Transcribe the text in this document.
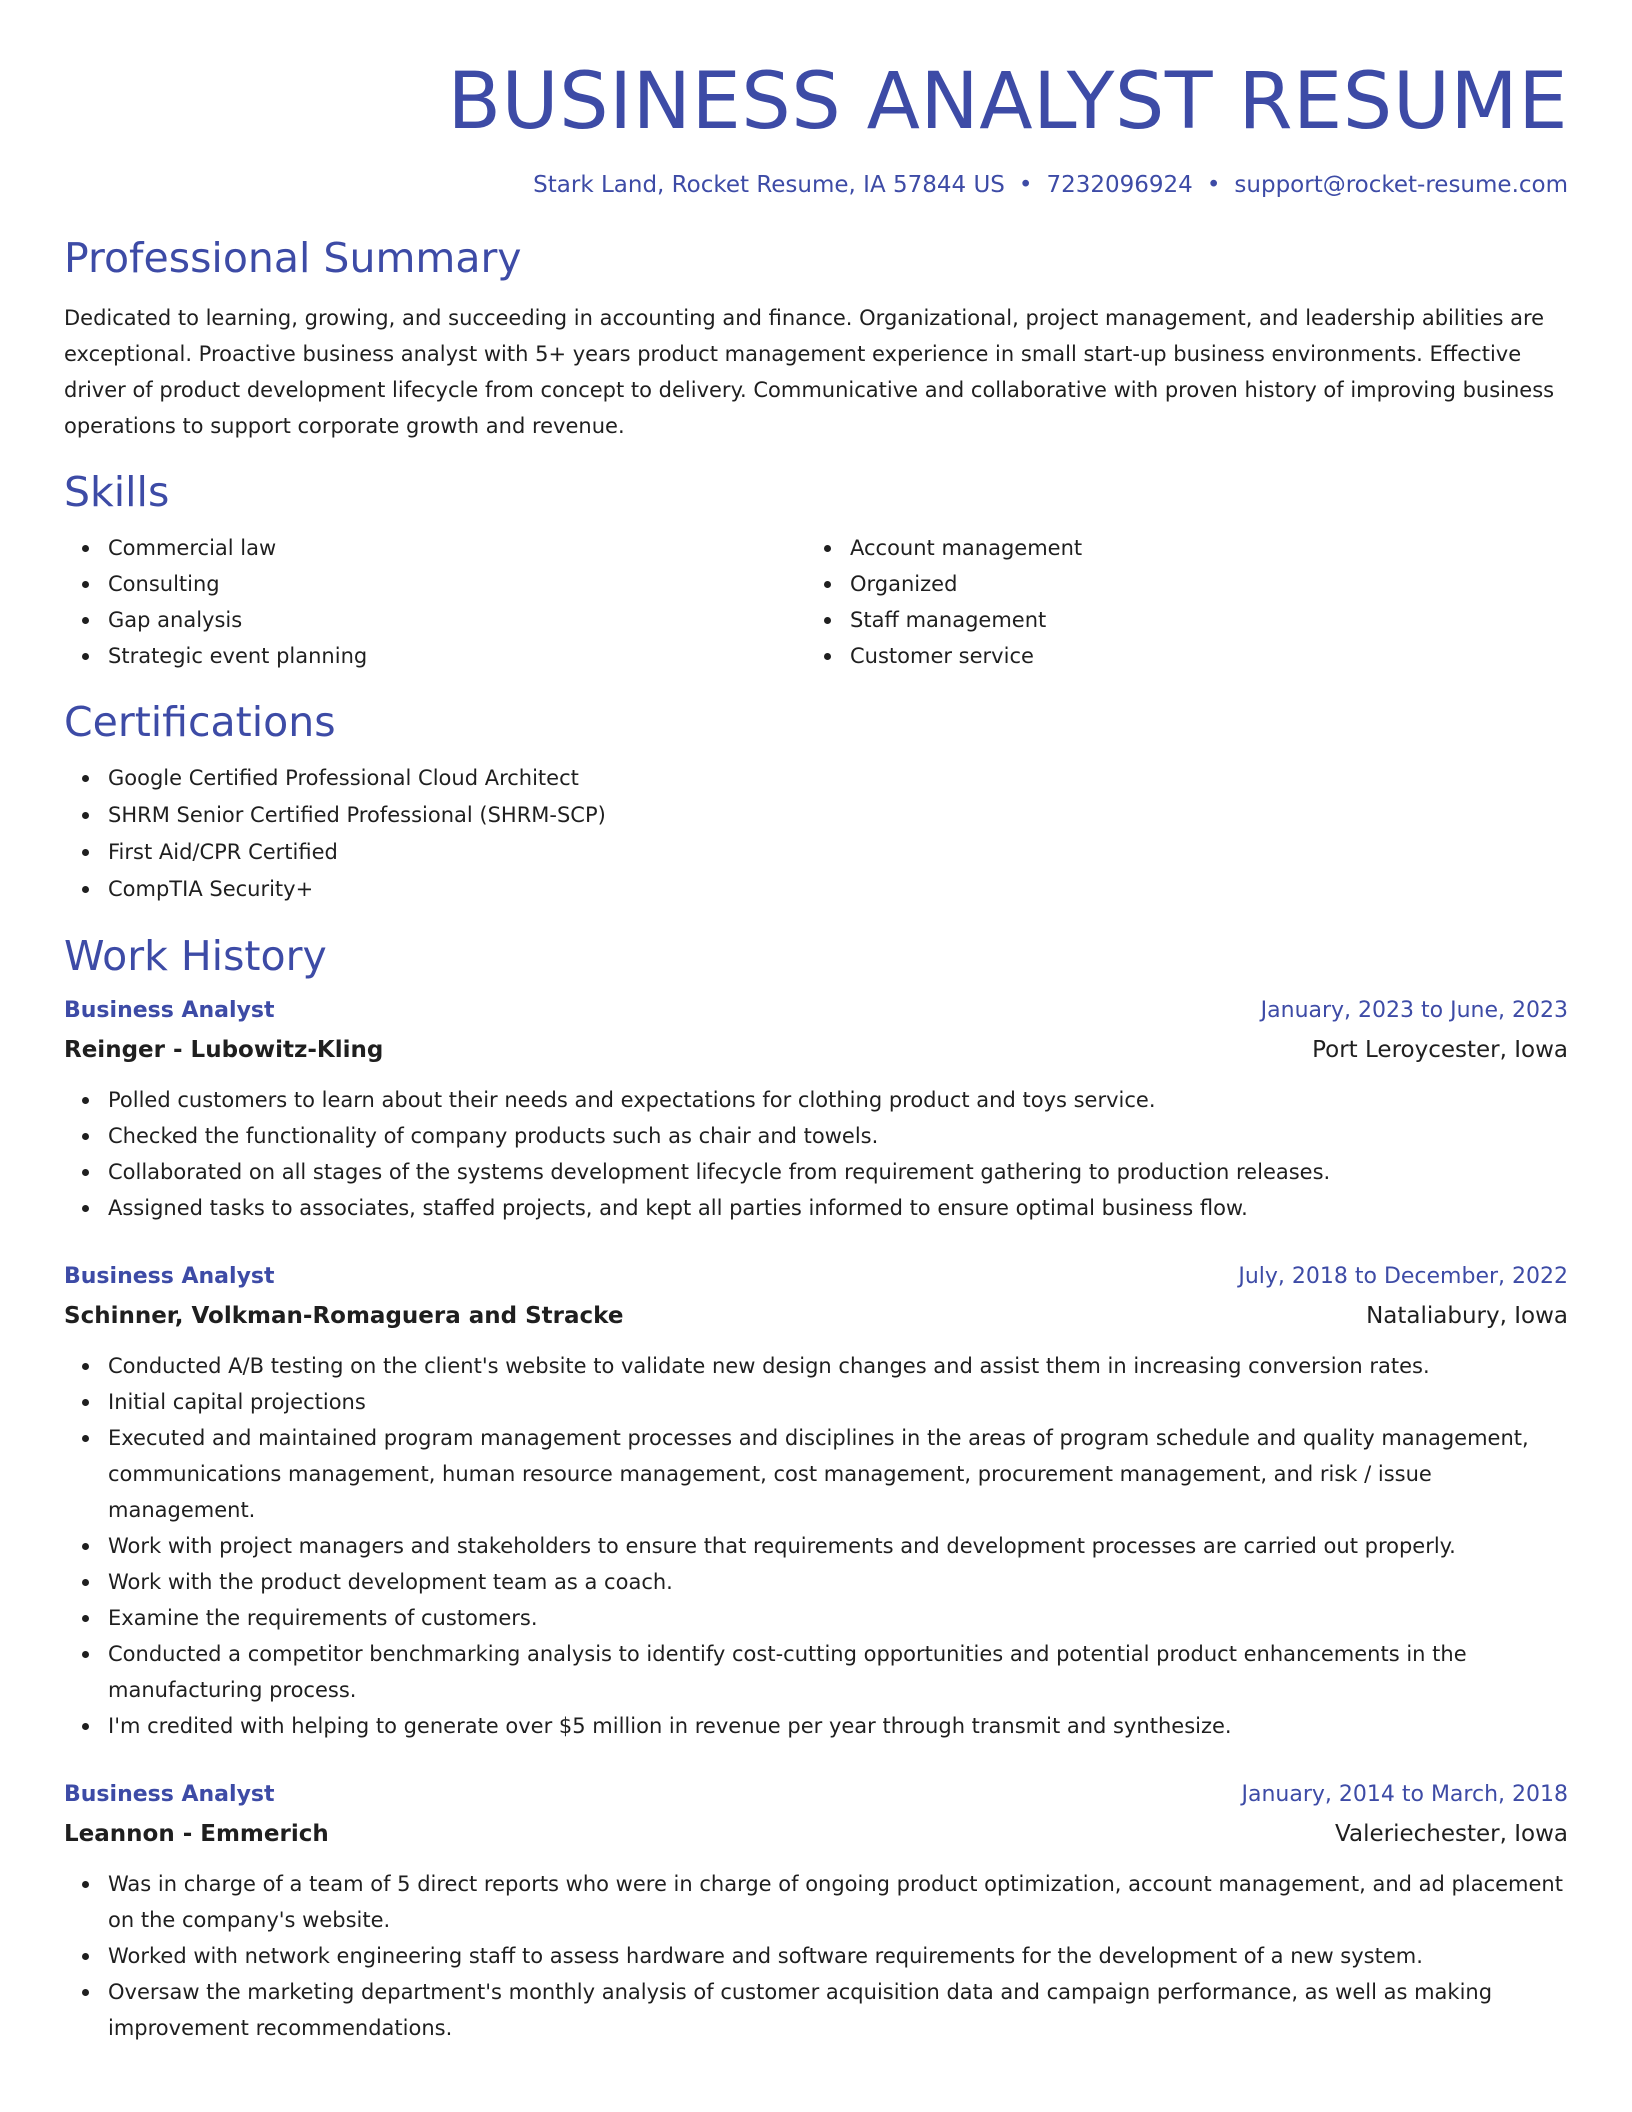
BUSINESS ANALYST RESUME
Stark Land, Rocket Resume, IA 57844 US • 7232096924 • support@rocket-resume.com
Professional Summary

Dedicated to learning, growing, and succeeding in accounting and finance. Organizational, project management, and leadership abilities are exceptional. Proactive business analyst with 5+ years product management experience in small start-up business environments. Effective driver of product development lifecycle from concept to delivery. Communicative and collaborative with proven history of improving business operations to support corporate growth and revenue.

Skills
Commercial law
Consulting
Gap analysis
Strategic event planning
Account management
Organized
Staff management
Customer service
Certifications
Google Certified Professional Cloud Architect
SHRM Senior Certified Professional (SHRM-SCP)
First Aid/CPR Certified
CompTIA Security+
Work History
Business Analyst	January, 2023 to June, 2023
Reinger - Lubowitz-Kling	Port Leroycester, Iowa
Polled customers to learn about their needs and expectations for clothing product and toys service.
Checked the functionality of company products such as chair and towels.
Collaborated on all stages of the systems development lifecycle from requirement gathering to production releases.
Assigned tasks to associates, staffed projects, and kept all parties informed to ensure optimal business flow.
Business Analyst	July, 2018 to December, 2022
Schinner, Volkman-Romaguera and Stracke	Nataliabury, Iowa
Conducted A/B testing on the client's website to validate new design changes and assist them in increasing conversion rates.
Initial capital projections
Executed and maintained program management processes and disciplines in the areas of program schedule and quality management, communications management, human resource management, cost management, procurement management, and risk / issue management.
Work with project managers and stakeholders to ensure that requirements and development processes are carried out properly.
Work with the product development team as a coach.
Examine the requirements of customers.
Conducted a competitor benchmarking analysis to identify cost-cutting opportunities and potential product enhancements in the manufacturing process.
I'm credited with helping to generate over $5 million in revenue per year through transmit and synthesize.
Business Analyst	January, 2014 to March, 2018
Leannon - Emmerich	Valeriechester, Iowa
Was in charge of a team of 5 direct reports who were in charge of ongoing product optimization, account management, and ad placement on the company's website.
Worked with network engineering staff to assess hardware and software requirements for the development of a new system.
Oversaw the marketing department's monthly analysis of customer acquisition data and campaign performance, as well as making improvement recommendations.
